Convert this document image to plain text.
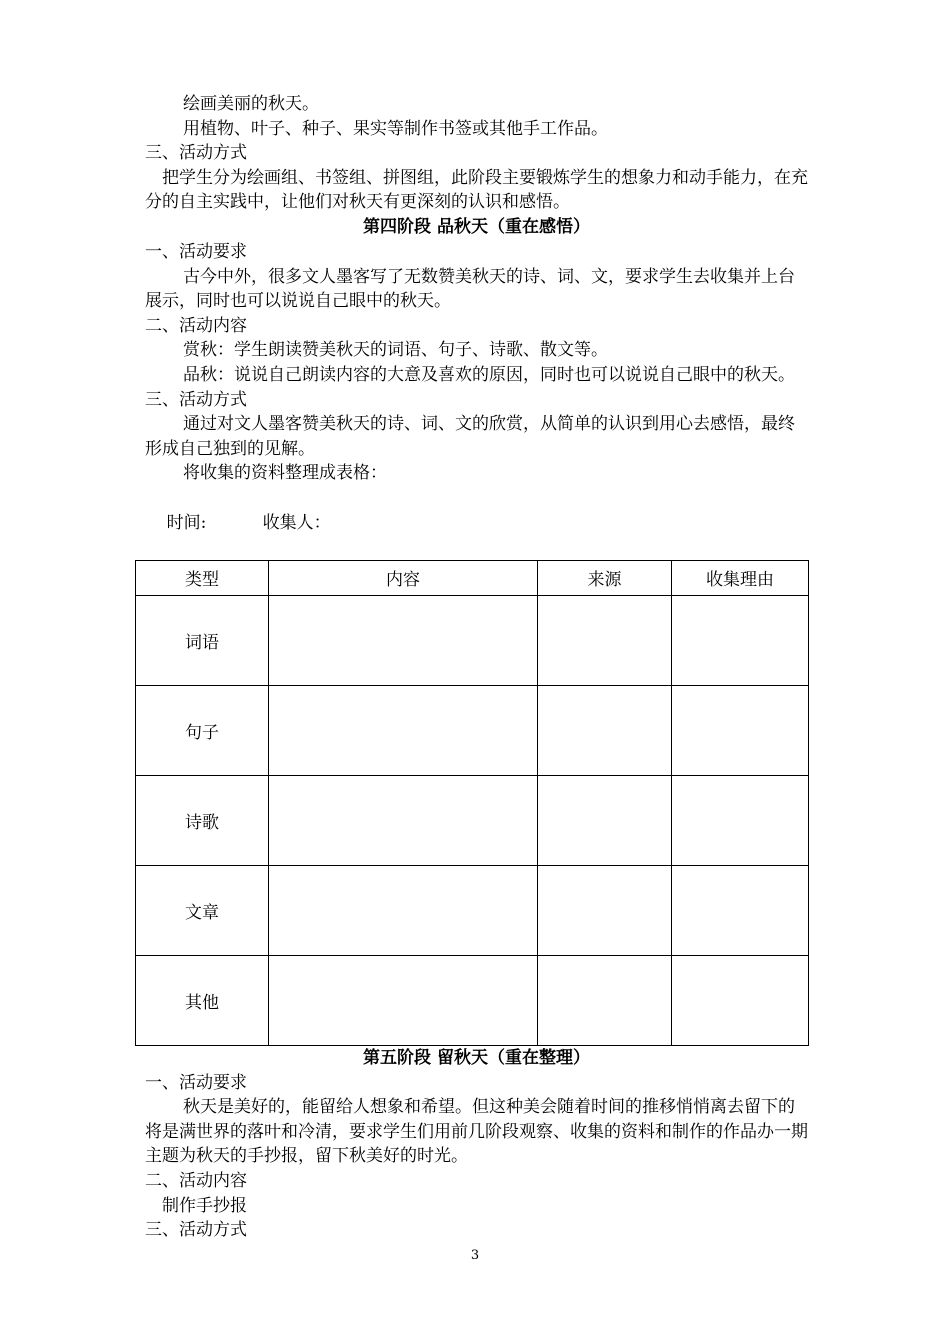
绘画美丽的秋天。
用植物、叶子、种子、果实等制作书签或其他手工作品。
三、活动方式
把学生分为绘画组、书签组、拼图组，此阶段主要锻炼学生的想象力和动手能力，在充分的自主实践中，让他们对秋天有更深刻的认识和感悟。
第四阶段 品秋天（重在感悟）
一、活动要求
古今中外，很多文人墨客写了无数赞美秋天的诗、词、文，要求学生去收集并上台展示，同时也可以说说自己眼中的秋天。
二、活动内容
赏秋：学生朗读赞美秋天的词语、句子、诗歌、散文等。
品秋：说说自己朗读内容的大意及喜欢的原因，同时也可以说说自己眼中的秋天。
三、活动方式
通过对文人墨客赞美秋天的诗、词、文的欣赏，从简单的认识到用心去感悟，最终形成自己独到的见解。
将收集的资料整理成表格：

时间:	收集人：

类型	内容	来源	收集理由
词语			
句子			
诗歌			
文章			
其他			
第五阶段 留秋天（重在整理）
一、活动要求
秋天是美好的，能留给人想象和希望。但这种美会随着时间的推移悄悄离去留下的将是满世界的落叶和冷清，要求学生们用前几阶段观察、收集的资料和制作的作品办一期主题为秋天的手抄报，留下秋美好的时光。
二、活动内容
制作手抄报
三、活动方式
3
